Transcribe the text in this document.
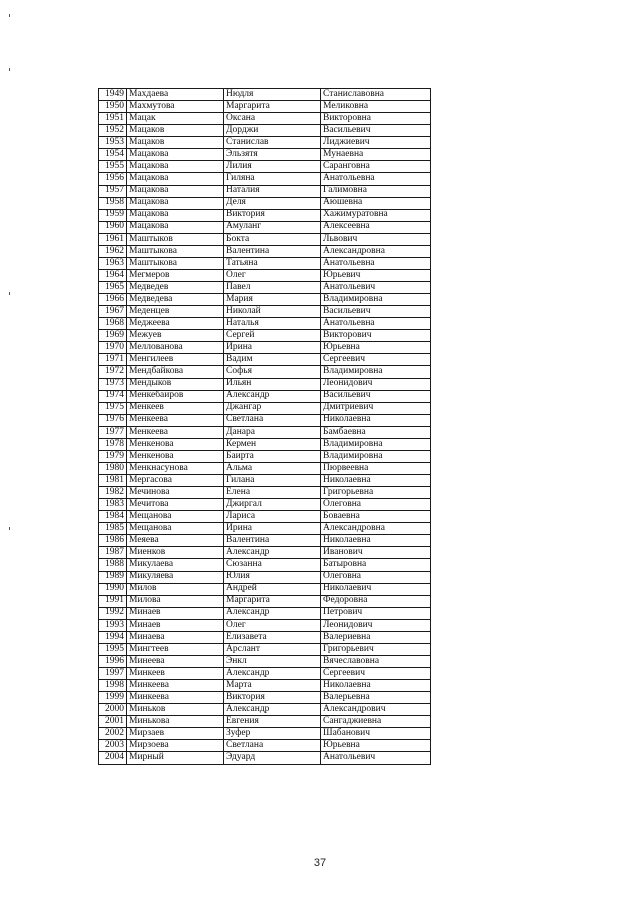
1949	Махдаева	Нюдля	Станиславовна
1950	Махмутова	Маргарита	Меликовна
1951	Мацак	Оксана	Викторовна
1952	Мацаков	Дорджи	Васильевич
1953	Мацаков	Станислав	Лиджиевич
1954	Мацакова	Эльзятя	Мунаевна
1955	Мацакова	Лилия	Саранговна
1956	Мацакова	Гиляна	Анатольевна
1957	Мацакова	Наталия	Галимовна
1958	Мацакова	Деля	Аюшевна
1959	Мацакова	Виктория	Хажимуратовна
1960	Мацакова	Амуланг	Алексеевна
1961	Маштыков	Бокта	Львович
1962	Маштыкова	Валентина	Александровна
1963	Маштыкова	Татьяна	Анатольевна
1964	Мегмеров	Олег	Юрьевич
1965	Медведев	Павел	Анатольевич
1966	Медведева	Мария	Владимировна
1967	Меденцев	Николай	Васильевич
1968	Меджеева	Наталья	Анатольевна
1969	Межуев	Сергей	Викторович
1970	Меллованова	Ирина	Юрьевна
1971	Менгилеев	Вадим	Сергеевич
1972	Мендбайкова	Софья	Владимировна
1973	Мендыков	Ильян	Леонидович
1974	Менкебаиров	Александр	Васильевич
1975	Менкеев	Джангар	Дмитриевич
1976	Менкеева	Светлана	Николаевна
1977	Менкеева	Данара	Бамбаевна
1978	Менкенова	Кермен	Владимировна
1979	Менкенова	Баирта	Владимировна
1980	Менкнасунова	Альма	Пюрвеевна
1981	Мергасова	Гилана	Николаевна
1982	Мечинова	Елена	Григорьевна
1983	Мечитова	Джиргал	Олеговна
1984	Мещанова	Лариса	Боваевна
1985	Мещанова	Ирина	Александровна
1986	Меяева	Валентина	Николаевна
1987	Миенков	Александр	Иванович
1988	Микулаева	Сюзанна	Батыровна
1989	Микуляева	Юлия	Олеговна
1990	Милов	Андрей	Николаевич
1991	Милова	Маргарита	Федоровна
1992	Минаев	Александр	Петрович
1993	Минаев	Олег	Леонидович
1994	Минаева	Елизавета	Валериевна
1995	Мингтеев	Арслант	Григорьевич
1996	Минеева	Энкл	Вячеславовна
1997	Минкеев	Александр	Сергеевич
1998	Минкеева	Марта	Николаевна
1999	Минкеева	Виктория	Валерьевна
2000	Миньков	Александр	Александрович
2001	Минькова	Евгения	Сангаджиевна
2002	Мирзаев	Зуфер	Шабанович
2003	Мирзоева	Светлана	Юрьевна
2004	Мирный	Эдуард	Анатольевич
37
